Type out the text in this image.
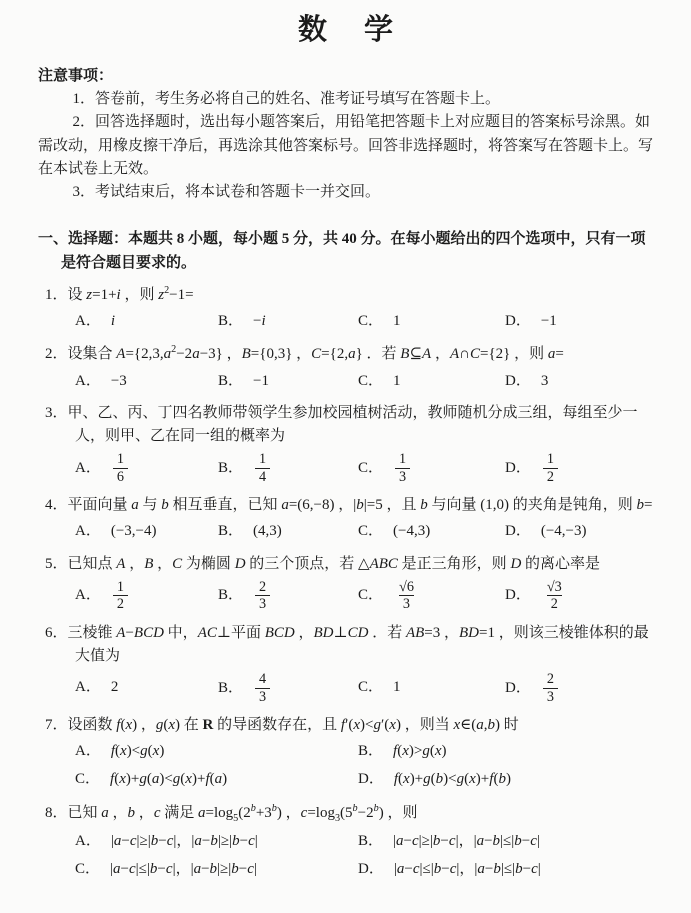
数　学

注意事项：

1．答卷前，考生务必将自己的姓名、准考证号填写在答题卡上。

2．回答选择题时，选出每小题答案后，用铅笔把答题卡上对应题目的答案标号涂黑。如需改动，用橡皮擦干净后，再选涂其他答案标号。回答非选择题时，将答案写在答题卡上。写在本试卷上无效。

3．考试结束后，将本试卷和答题卡一并交回。

一、选择题：本题共 8 小题，每小题 5 分，共 40 分。在每小题给出的四个选项中，只有一项是符合题目要求的。

1．设 z=1+i ，则 $z^2-1=$
A． i	B． −i	C． 1	D． −1
2．设集合 $A=\{2,3,a^2-2a-3\}$ ，B={0,3} ，C={2,a} ．若 B⊆A ，A∩C={2} ，则 a=
A． −3	B． −1	C． 1	D． 3
3．甲、乙、丙、丁四名教师带领学生参加校园植树活动，教师随机分成三组，每组至少一人，则甲、乙在同一组的概率为
A． $\frac{1}{6}$	B． $\frac{1}{4}$	C． $\frac{1}{3}$	D． $\frac{1}{2}$
4．平面向量 a 与 b 相互垂直，已知 a=(6,−8) ，|b|=5 ，且 b 与向量 (1,0) 的夹角是钝角，则 b=
A． (−3,−4)	B． (4,3)	C． (−4,3)	D． (−4,−3)
5．已知点 A ，B ，C 为椭圆 D 的三个顶点，若 △ABC 是正三角形，则 D 的离心率是
A． $\frac{1}{2}$	B． $\frac{2}{3}$	C． $\frac{√6}{3}$	D． $\frac{√3}{2}$
6．三棱锥 A−BCD 中，AC⊥平面 BCD ，BD⊥CD ．若 AB=3 ，BD=1 ，则该三棱锥体积的最大值为
A． 2	B． $\frac{4}{3}$	C． 1	D． $\frac{2}{3}$
7．设函数 f(x) ，g(x) 在 R 的导函数存在，且 f′(x)<g′(x) ，则当 x∈(a,b) 时
A． f(x)<g(x)	B． f(x)>g(x)
C． f(x)+g(a)<g(x)+f(a)	D． f(x)+g(b)<g(x)+f(b)
8．已知 a ，b ，c 满足 $a=\log_5(2^b+3^b)$ ，$c=\log_3(5^b-2^b)$ ，则
A． |a−c|≥|b−c|，|a−b|≥|b−c|	B． |a−c|≥|b−c|，|a−b|≤|b−c|
C． |a−c|≤|b−c|，|a−b|≥|b−c|	D． |a−c|≤|b−c|，|a−b|≤|b−c|
